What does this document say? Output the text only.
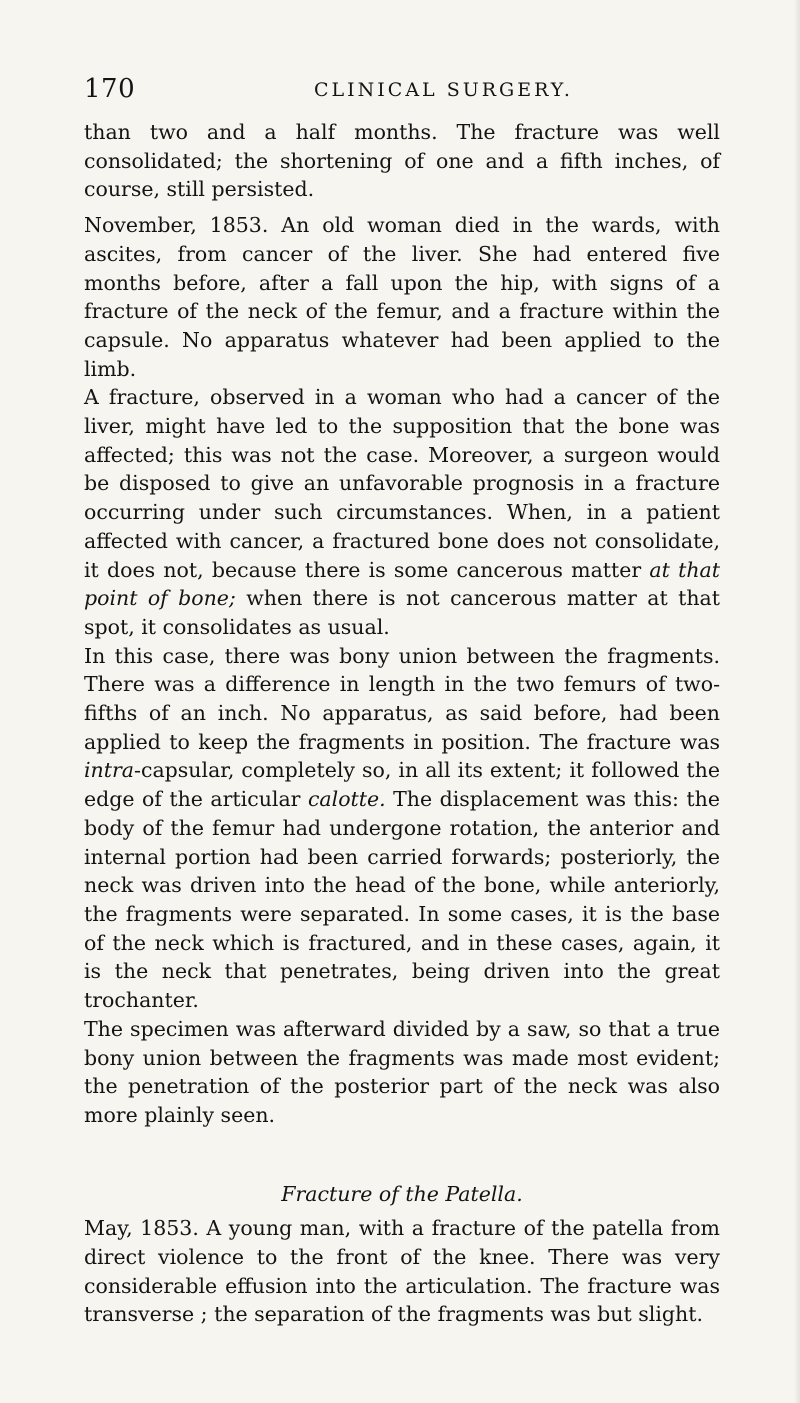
170	CLINICAL SURGERY.

than two and a half months. The fracture was well consolidated; the shortening of one and a fifth inches, of course, still persisted.

November, 1853. An old woman died in the wards, with ascites, from cancer of the liver. She had entered five months before, after a fall upon the hip, with signs of a fracture of the neck of the femur, and a fracture within the capsule. No apparatus whatever had been applied to the limb.

A fracture, observed in a woman who had a cancer of the liver, might have led to the supposition that the bone was affected; this was not the case. Moreover, a surgeon would be disposed to give an unfavorable prognosis in a fracture occurring under such circumstances. When, in a patient affected with cancer, a fractured bone does not consolidate, it does not, because there is some cancerous matter at that point of bone; when there is not cancerous matter at that spot, it consolidates as usual.

In this case, there was bony union between the fragments. There was a difference in length in the two femurs of two-fifths of an inch. No apparatus, as said before, had been applied to keep the fragments in position. The fracture was intra-capsular, completely so, in all its extent; it followed the edge of the articular calotte. The displacement was this: the body of the femur had undergone rotation, the anterior and internal portion had been carried forwards; posteriorly, the neck was driven into the head of the bone, while anteriorly, the fragments were separated. In some cases, it is the base of the neck which is fractured, and in these cases, again, it is the neck that penetrates, being driven into the great trochanter.

The specimen was afterward divided by a saw, so that a true bony union between the fragments was made most evident; the penetration of the posterior part of the neck was also more plainly seen.

Fracture of the Patella.

May, 1853. A young man, with a fracture of the patella from direct violence to the front of the knee. There was very considerable effusion into the articulation. The fracture was transverse ; the separation of the fragments was but slight.
